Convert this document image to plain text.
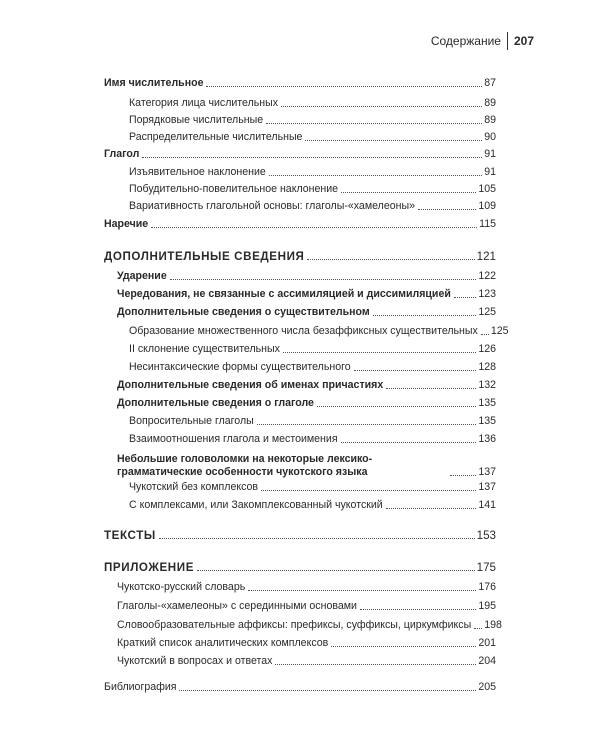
Содержание	207
Имя числительное	87
Категория лица числительных	89
Порядковые числительные	89
Распределительные числительные	90
Глагол	91
Изъявительное наклонение	91
Побудительно-повелительное наклонение	105
Вариативность глагольной основы: глаголы-«хамелеоны»	109
Наречие	115
ДОПОЛНИТЕЛЬНЫЕ СВЕДЕНИЯ	121
Ударение	122
Чередования, не связанные с ассимиляцией и диссимиляцией	123
Дополнительные сведения о существительном	125
Образование множественного числа безаффиксных существительных 125
II склонение существительных	126
Несинтаксические формы существительного	128
Дополнительные сведения об именах причастиях	132
Дополнительные сведения о глаголе	135
Вопросительные глаголы	135
Взаимоотношения глагола и местоимения	136
Небольшие головоломки на некоторые лексико-грамматические особенности чукотского языка	137
Чукотский без комплексов	137
С комплексами, или Закомплексованный чукотский	141
ТЕКСТЫ	153
ПРИЛОЖЕНИЕ	175
Чукотско-русский словарь	176
Глаголы-«хамелеоны» с серединными основами	195
Словообразовательные аффиксы: префиксы, суффиксы, циркумфиксы 198
Краткий список аналитических комплексов	201
Чукотский в вопросах и ответах	204
Библиография	205
